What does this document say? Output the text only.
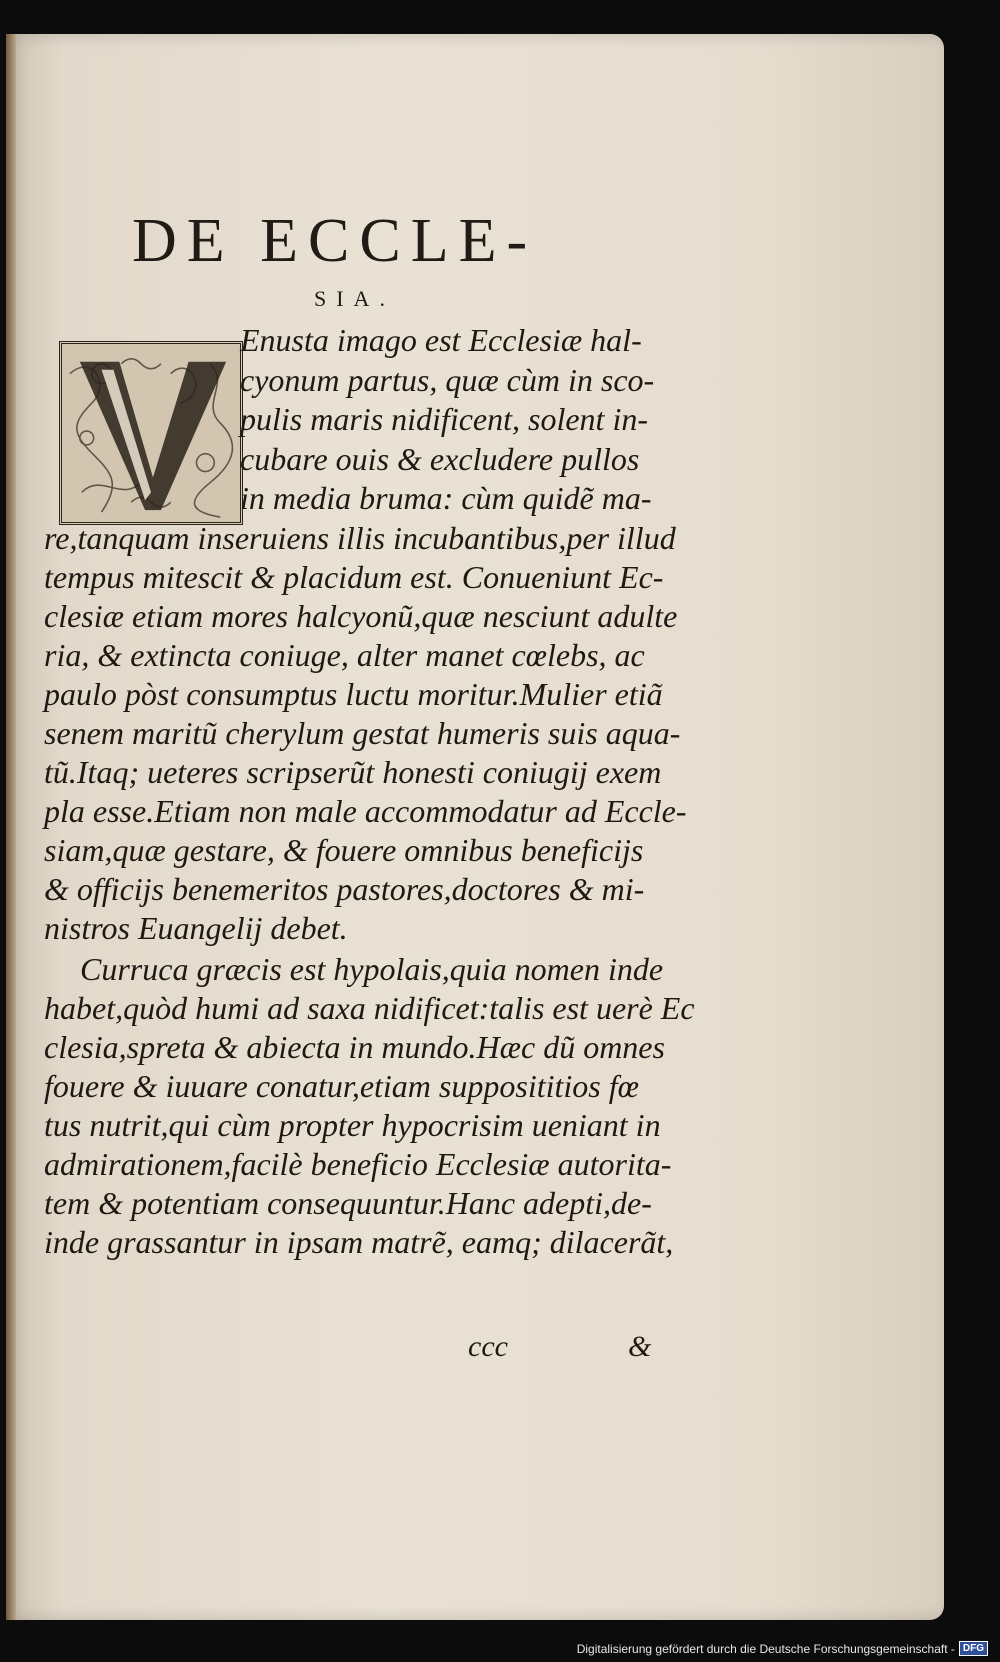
DE ECCLE-
SIA.
Enusta imago est Ecclesiæ hal-
cyonum partus, quæ cùm in sco-
pulis maris nidificent, solent in-
cubare ouis & excludere pullos
in media bruma: cùm quidẽ ma-
re,tanquam inseruiens illis incubantibus,per illud
tempus mitescit & placidum est. Conueniunt Ec-
clesiæ etiam mores halcyonũ,quæ nesciunt adulte
ria, & extincta coniuge, alter manet cœlebs, ac
paulo pòst consumptus luctu moritur.Mulier etiã
senem maritũ cherylum gestat humeris suis aqua-
tũ.Itaq; ueteres scripserũt honesti coniugij exem
pla esse.Etiam non male accommodatur ad Eccle-
siam,quæ gestare, & fouere omnibus beneficijs
& officijs benemeritos pastores,doctores & mi-
nistros Euangelij debet.
Curruca græcis est hypolais,quia nomen inde
habet,quòd humi ad saxa nidificet:talis est uerè Ec
clesia,spreta & abiecta in mundo.Hæc dũ omnes
fouere & iuuare conatur,etiam supposititios fœ
tus nutrit,qui cùm propter hypocrisim ueniant in
admirationem,facilè beneficio Ecclesiæ autorita-
tem & potentiam consequuntur.Hanc adepti,de-
inde grassantur in ipsam matrẽ, eamq; dilacerãt,
ccc	&
Digitalisierung gefördert durch die Deutsche Forschungsgemeinschaft - DFG
